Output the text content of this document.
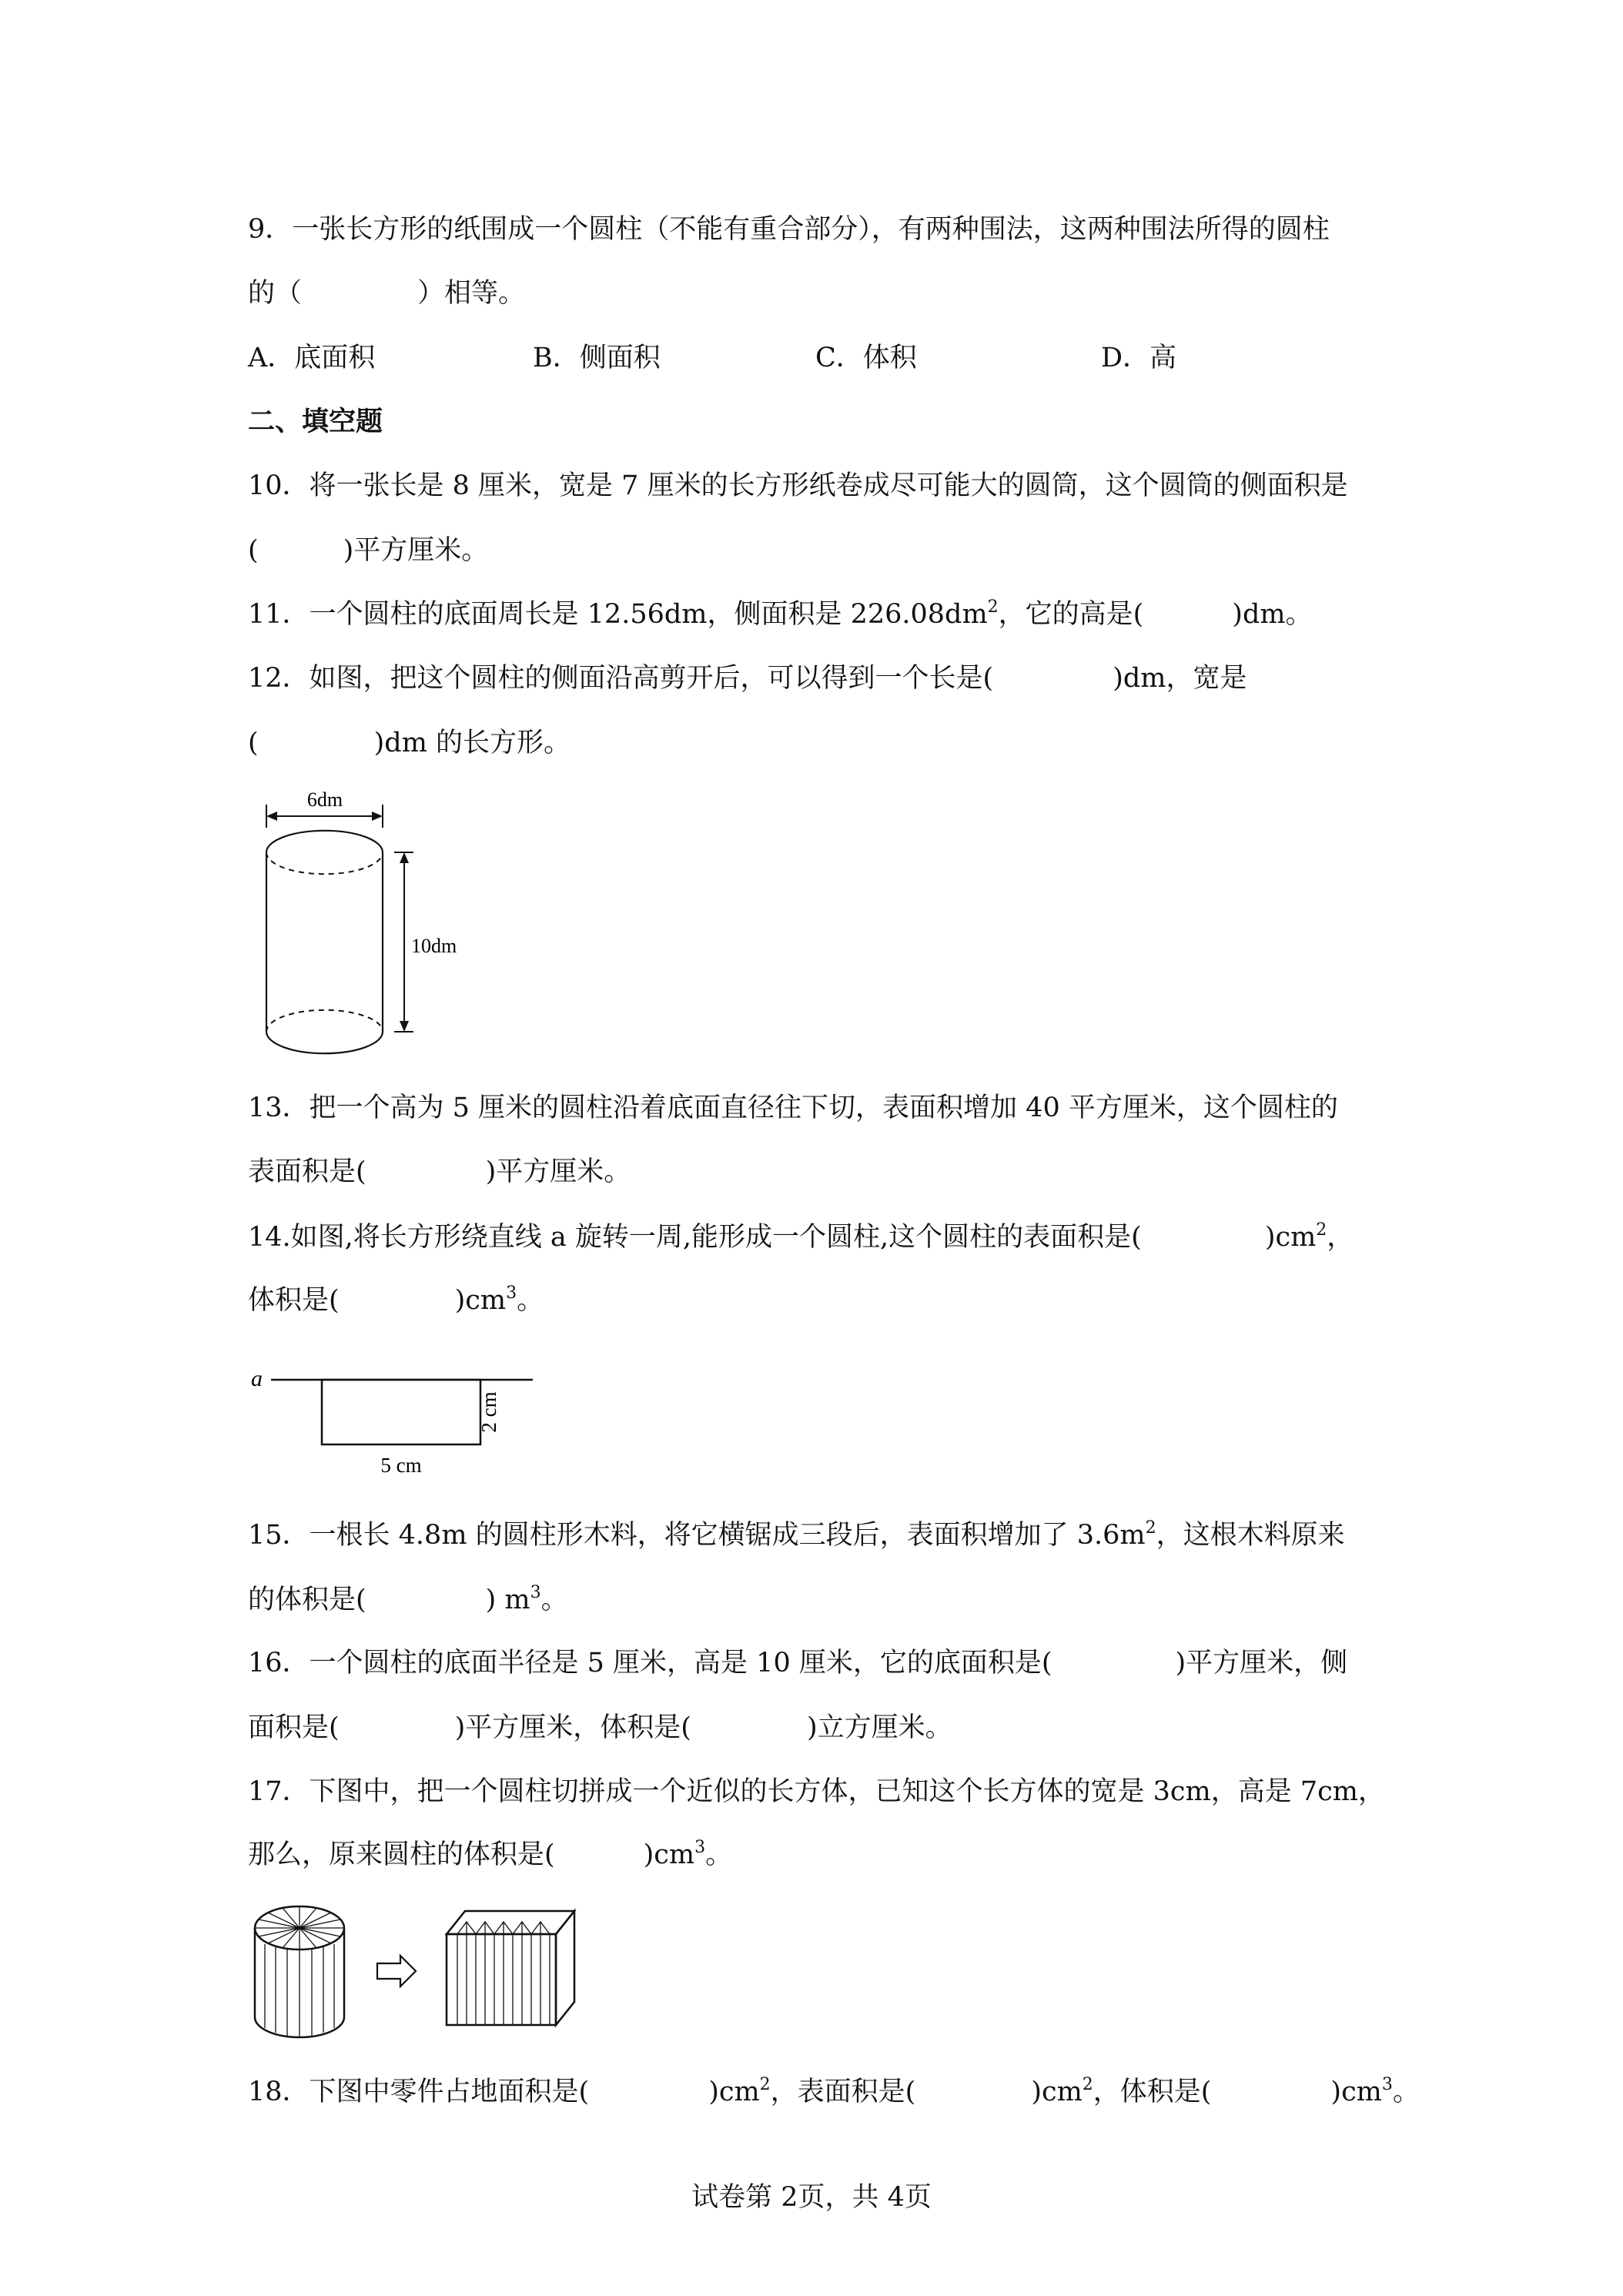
9．一张长方形的纸围成一个圆柱（不能有重合部分），有两种围法，这两种围法所得的圆柱
的（	）相等。
A．底面积	B．侧面积	C．体积	D．高
二、填空题
10．将一张长是 8 厘米，宽是 7 厘米的长方形纸卷成尽可能大的圆筒，这个圆筒的侧面积是
(	)平方厘米。
11．一个圆柱的底面周长是 12.56dm，侧面积是 $226.08dm^2$，它的高是(	)dm。
12．如图，把这个圆柱的侧面沿高剪开后，可以得到一个长是(	)dm，宽是
(	)dm 的长方形。
6dm
10dm
13．把一个高为 5 厘米的圆柱沿着底面直径往下切，表面积增加 40 平方厘米，这个圆柱的
表面积是(	)平方厘米。
14.如图,将长方形绕直线 a 旋转一周,能形成一个圆柱,这个圆柱的表面积是(	)$cm^2$，
体积是(	)$cm^3$。
a
5 cm
2 cm
15．一根长 4.8m 的圆柱形木料，将它横锯成三段后，表面积增加了 $3.6m^2$，这根木料原来
的体积是(	) $m^3$。
16．一个圆柱的底面半径是 5 厘米，高是 10 厘米，它的底面积是(	)平方厘米，侧
面积是(	)平方厘米，体积是(	)立方厘米。
17．下图中，把一个圆柱切拼成一个近似的长方体，已知这个长方体的宽是 3cm，高是 7cm，
那么，原来圆柱的体积是(	)$cm^3$。
18．下图中零件占地面积是(	)$cm^2$，表面积是(	)$cm^2$，体积是(	)$cm^3$。
试卷第 2页，共 4页
